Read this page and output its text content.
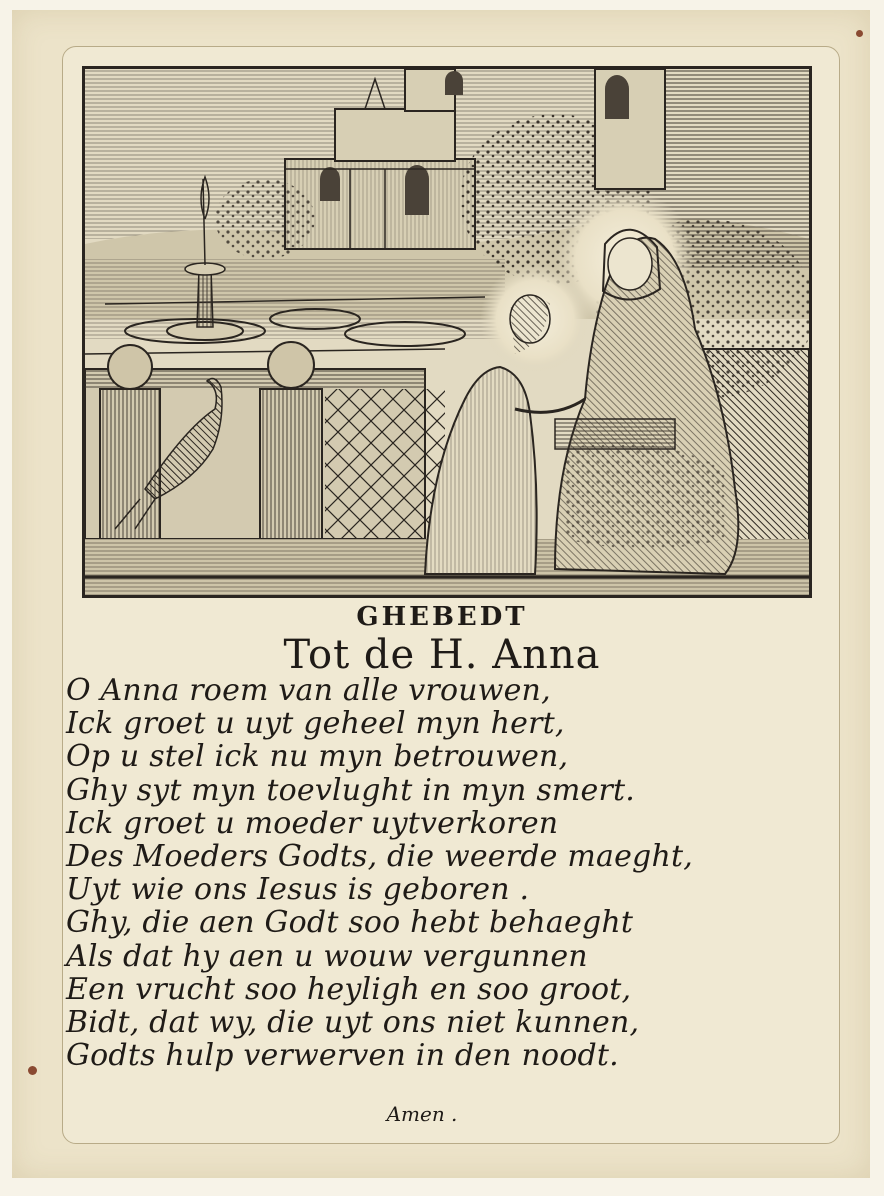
GHEBEDT
Tot de H. Anna
O Anna roem van alle vrouwen,
Ick groet u uyt geheel myn hert,
Op u stel ick nu myn betrouwen,
Ghy syt myn toevlught in myn smert.
Ick groet u moeder uytverkoren
Des Moeders Godts, die weerde maeght,
Uyt wie ons Iesus is geboren .
Ghy, die aen Godt soo hebt behaeght
Als dat hy aen u wouw vergunnen
Een vrucht soo heyligh en soo groot,
Bidt, dat wy, die uyt ons niet kunnen,
Godts hulp verwerven in den noodt.
Amen .
